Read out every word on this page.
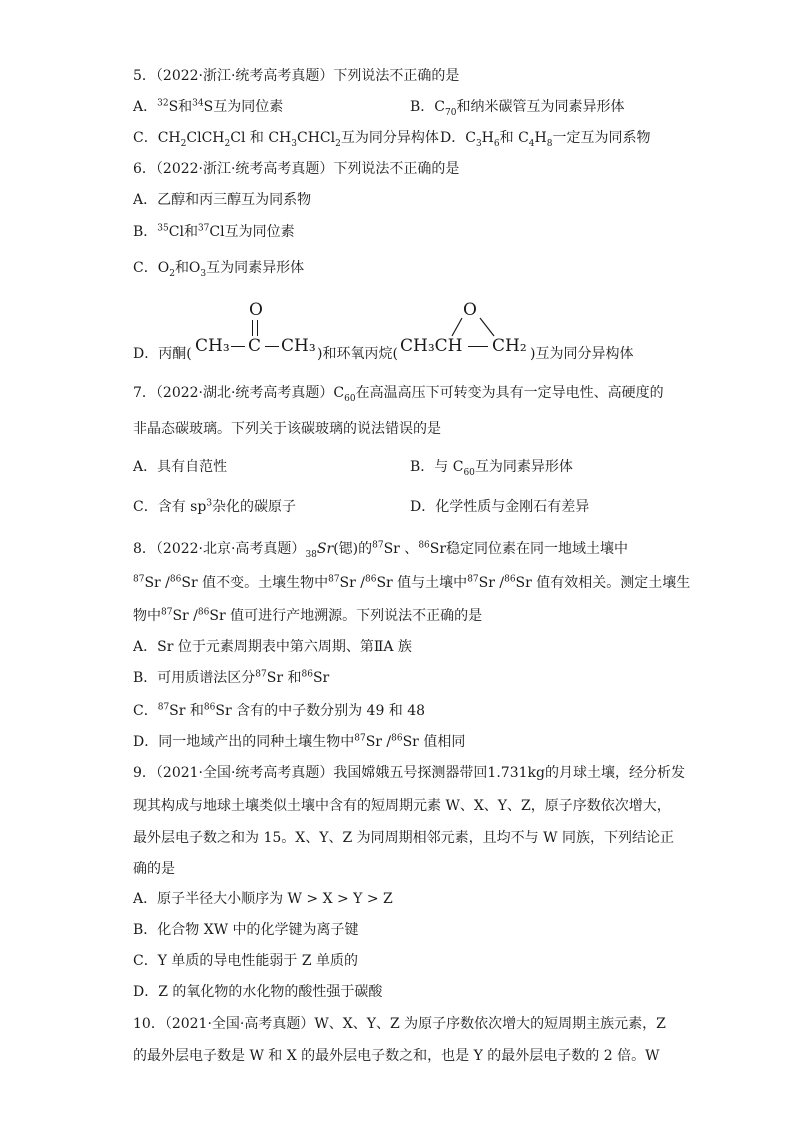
5．（2022·浙江·统考高考真题）下列说法不正确的是
A．$^{32}$S和$^{34}$S互为同位素	B．$C_{70}$和纳米碳管互为同素异形体
C．$CH_2ClCH_2Cl$ 和 $CH_3CHCl_2$互为同分异构体 D．$C_3H_6$和 $C_4H_8$一定互为同系物
6．（2022·浙江·统考高考真题）下列说法不正确的是
A．乙醇和丙三醇互为同系物
B．$^{35}$Cl和$^{37}$Cl互为同位素
C．$O_2$和$O_3$互为同素异形体
D．丙酮( CH₃ C CH₃
O
)和环氧丙烷( CH₃CH CH₂
O
)互为同分异构体
7．（2022·湖北·统考高考真题）$C_{60}$在高温高压下可转变为具有一定导电性、高硬度的
非晶态碳玻璃。下列关于该碳玻璃的说法错误的是
A．具有自范性	B．与 $C_{60}$互为同素异形体
C．含有 $sp^3$杂化的碳原子	D．化学性质与金刚石有差异
8．（2022·北京·高考真题）$_{38}Sr$(锶)的$^{87}$Sr 、$^{86}$Sr稳定同位素在同一地域土壤中
$^{87}$Sr /$^{86}$Sr 值不变。土壤生物中$^{87}$Sr /$^{86}$Sr 值与土壤中$^{87}$Sr /$^{86}$Sr 值有效相关。测定土壤生
物中$^{87}$Sr /$^{86}$Sr 值可进行产地溯源。下列说法不正确的是
A．Sr 位于元素周期表中第六周期、第ⅡA 族
B．可用质谱法区分$^{87}$Sr 和$^{86}$Sr
C．$^{87}$Sr 和$^{86}$Sr 含有的中子数分别为 49 和 48
D．同一地域产出的同种土壤生物中$^{87}$Sr /$^{86}$Sr 值相同
9．（2021·全国·统考高考真题）我国嫦娥五号探测器带回1.731kg的月球土壤，经分析发
现其构成与地球土壤类似土壤中含有的短周期元素 W、X、Y、Z，原子序数依次增大，
最外层电子数之和为 15。X、Y、Z 为同周期相邻元素，且均不与 W 同族，下列结论正
确的是
A．原子半径大小顺序为 W > X > Y > Z
B．化合物 XW 中的化学键为离子键
C．Y 单质的导电性能弱于 Z 单质的
D．Z 的氧化物的水化物的酸性强于碳酸
10．（2021·全国·高考真题）W、X、Y、Z 为原子序数依次增大的短周期主族元素，Z
的最外层电子数是 W 和 X 的最外层电子数之和，也是 Y 的最外层电子数的 2 倍。W
